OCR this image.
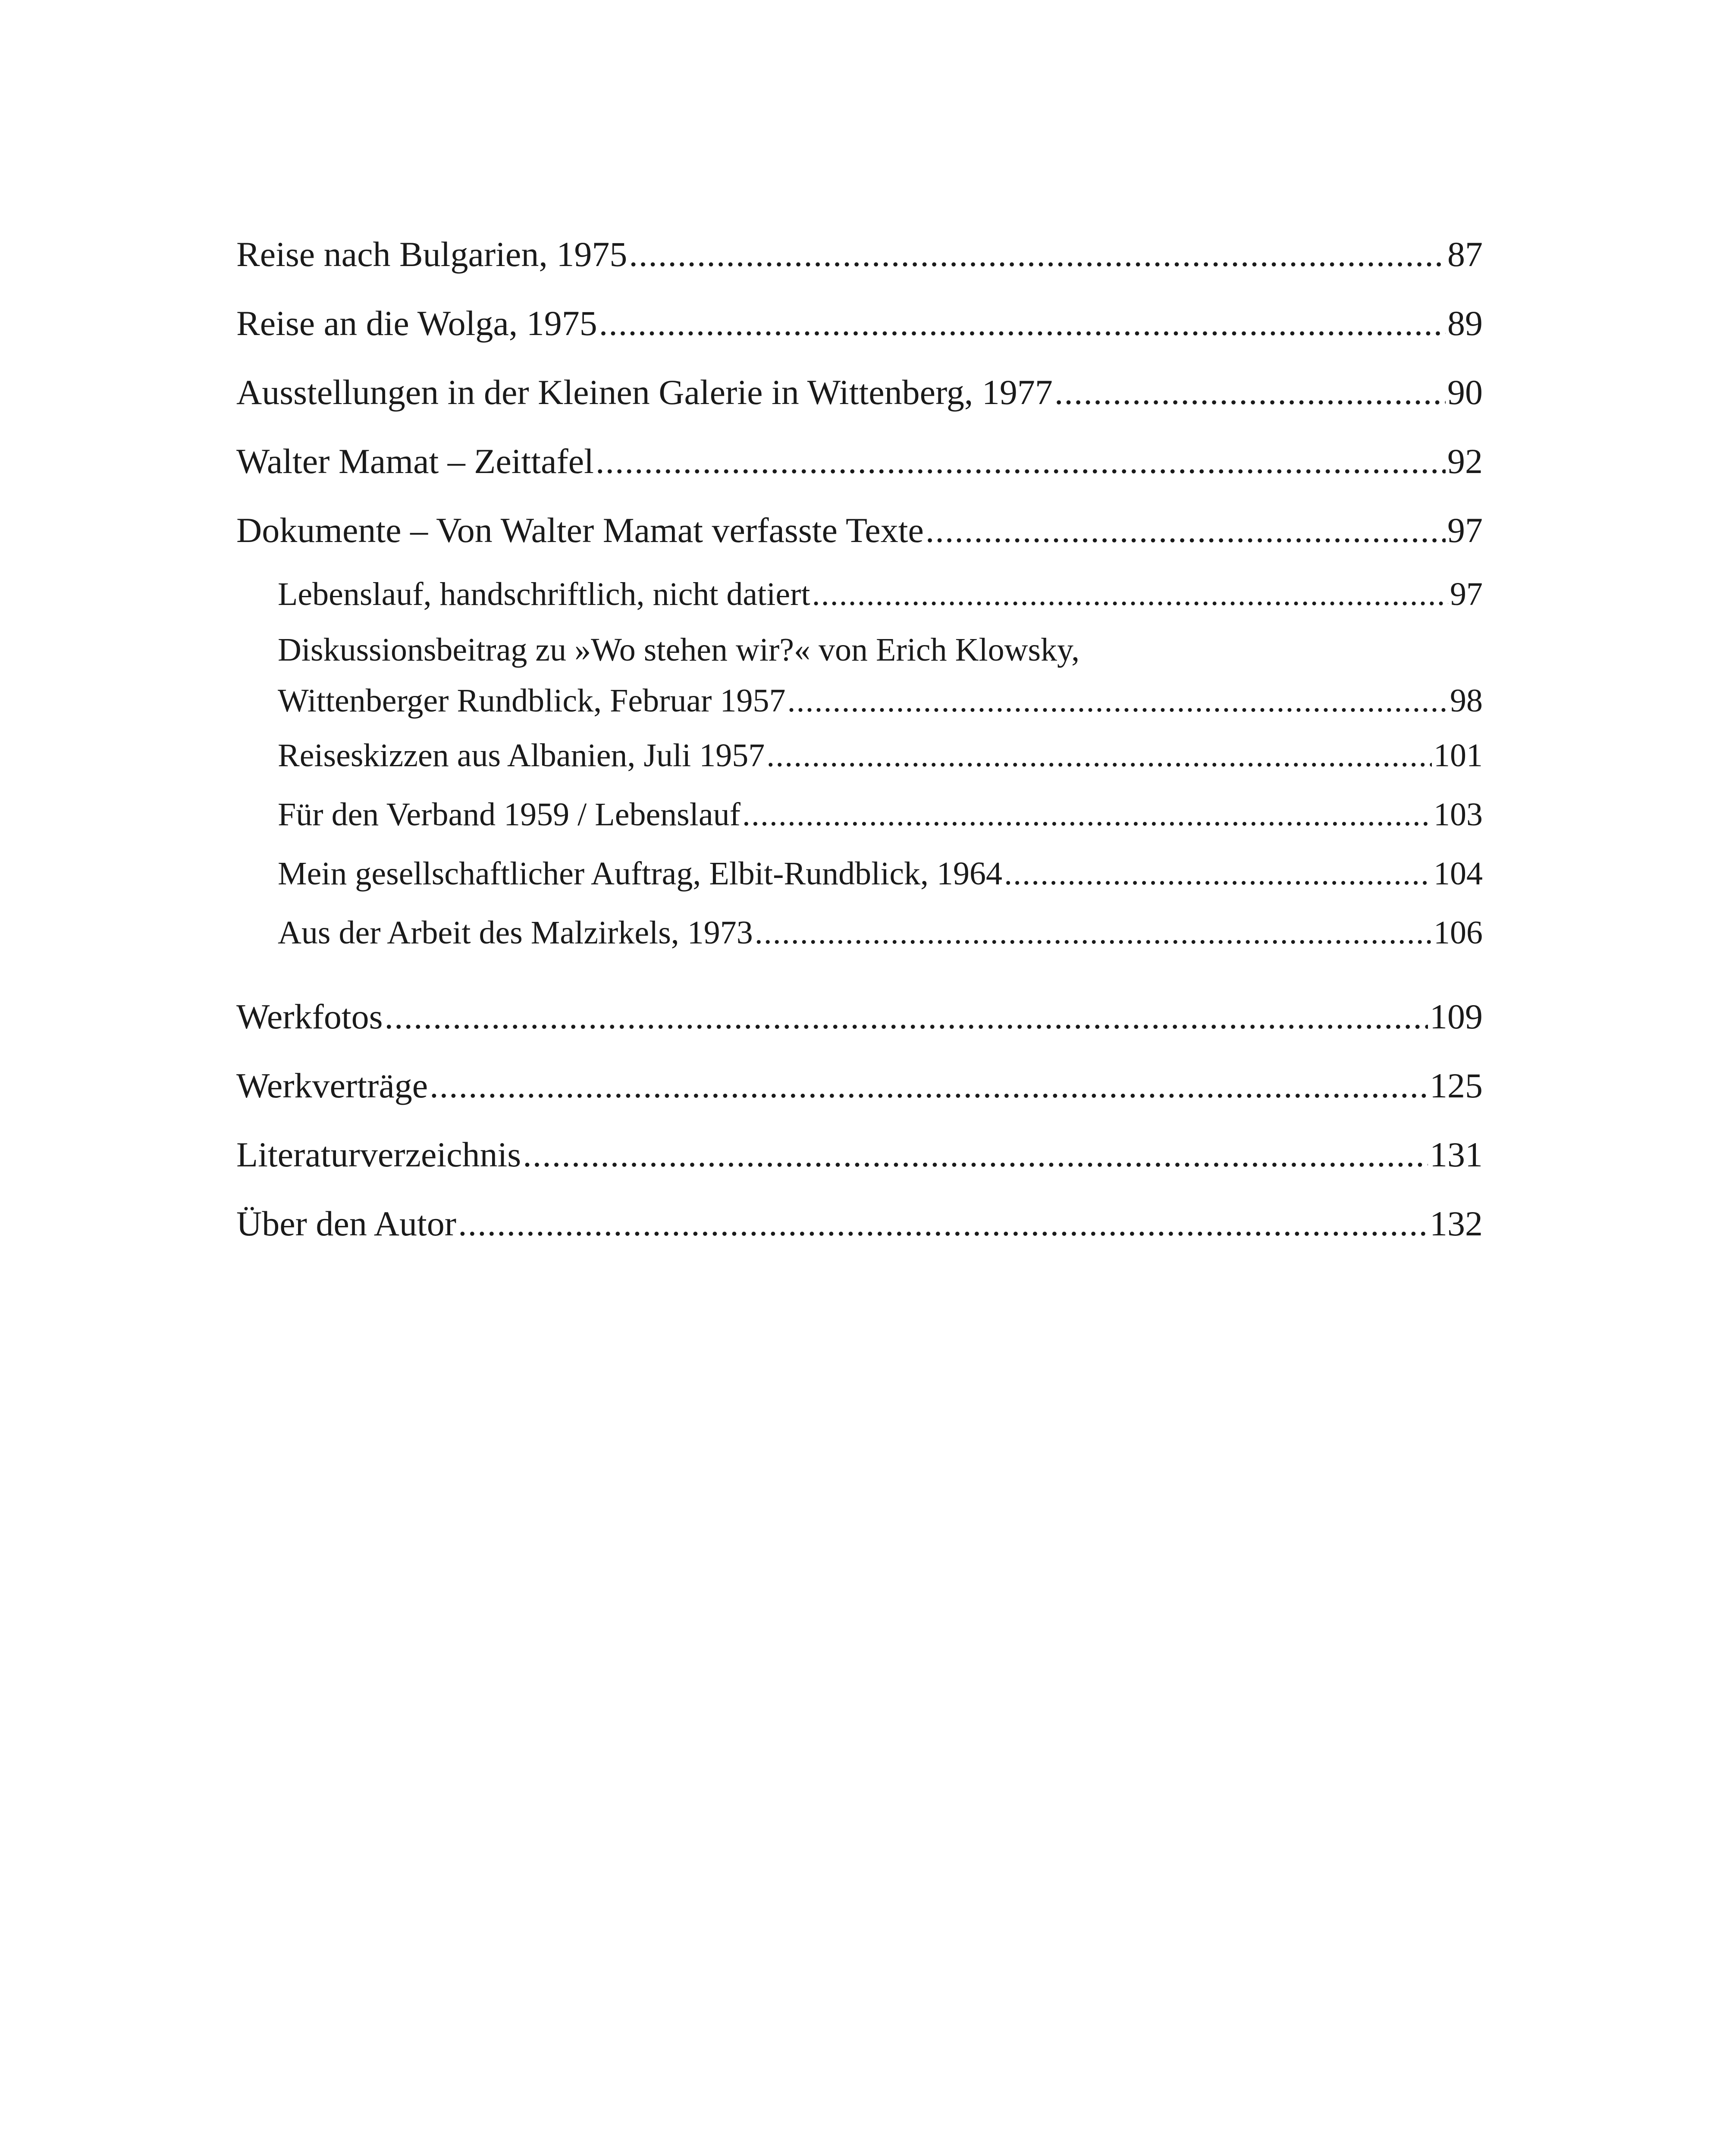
Reise nach Bulgarien, 1975 .....	87
Reise an die Wolga, 1975 .....	89
Ausstellungen in der Kleinen Galerie in Wittenberg, 1977 .....	90
Walter Mamat – Zeittafel .....	92
Dokumente – Von Walter Mamat verfasste Texte .....	97
Lebenslauf, handschriftlich, nicht datiert .....	97
Diskussionsbeitrag zu »Wo stehen wir?« von Erich Klowsky,
Wittenberger Rundblick, Februar 1957 .....	98
Reiseskizzen aus Albanien, Juli 1957 .....	101
Für den Verband 1959 / Lebenslauf .....	103
Mein gesellschaftlicher Auftrag, Elbit-Rundblick, 1964 .....	104
Aus der Arbeit des Malzirkels, 1973 .....	106
Werkfotos .....	109
Werkverträge .....	125
Literaturverzeichnis .....	131
Über den Autor .....	132
